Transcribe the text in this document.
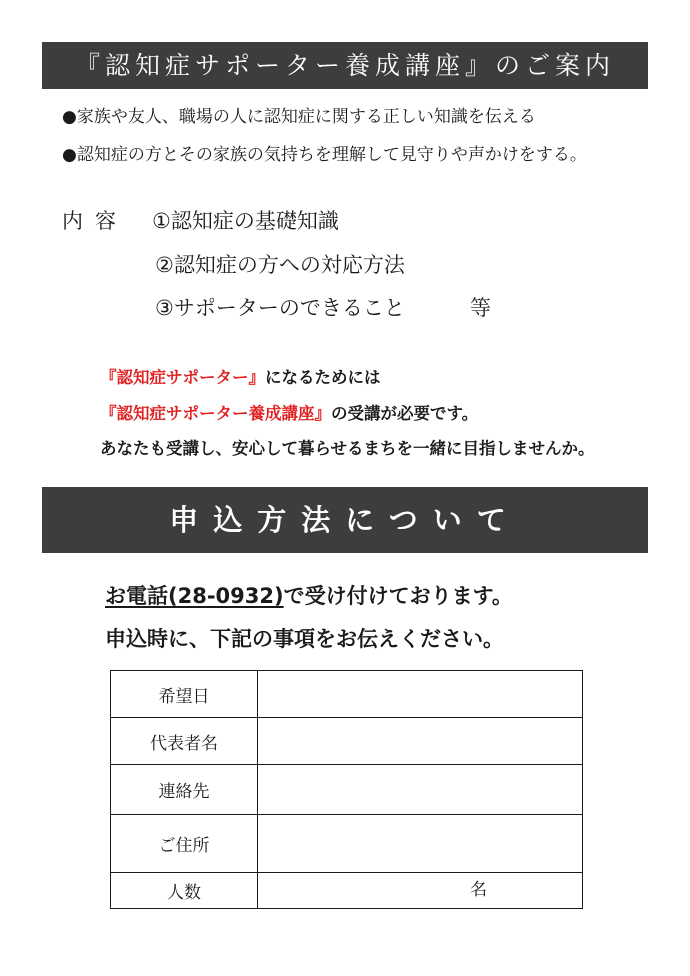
『認知症サポーター養成講座』のご案内
●家族や友人、職場の人に認知症に関する正しい知識を伝える
●認知症の方とその家族の気持ちを理解して見守りや声かけをする。
内容 ①認知症の基礎知識
②認知症の方への対応方法
③サポーターのできること	等
『認知症サポーター』になるためには
『認知症サポーター養成講座』の受講が必要です。
あなたも受講し、安心して暮らせるまちを一緒に目指しませんか。
申込方法について
お電話(28-0932)で受け付けております。
申込時に、下記の事項をお伝えください。
希望日	
代表者名	
連絡先	
ご住所	
人数	名
